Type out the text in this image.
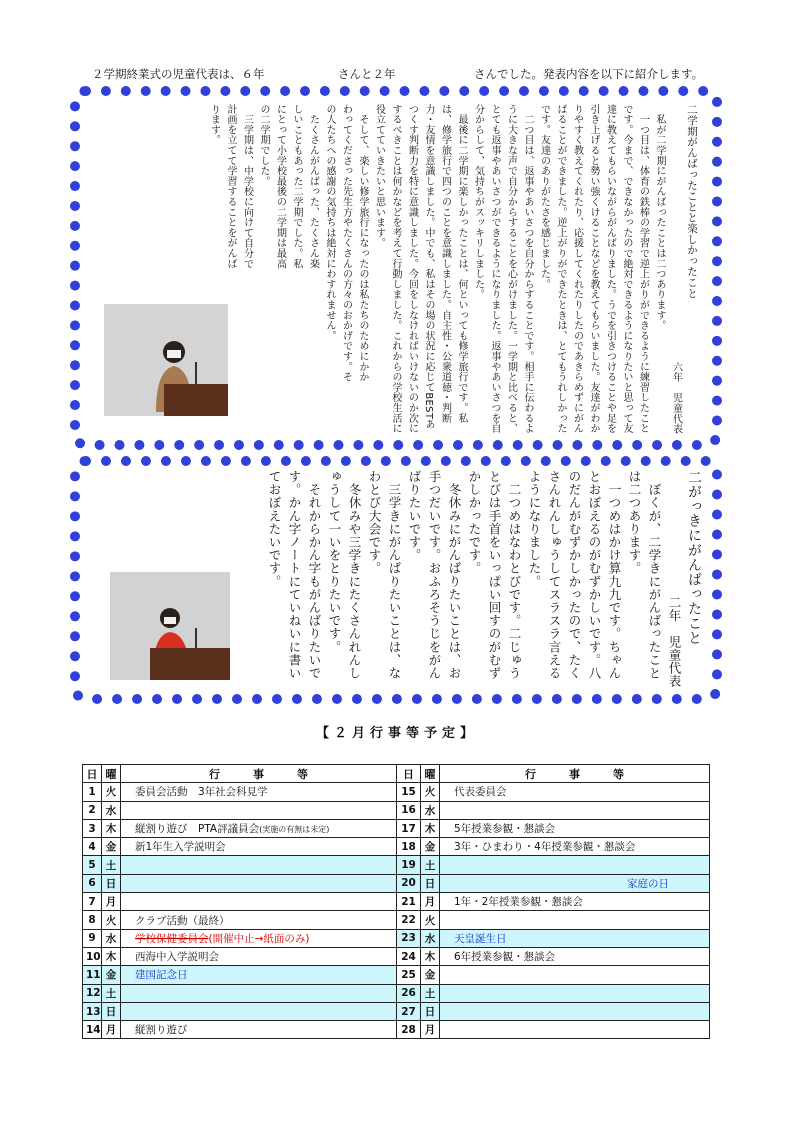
２学期終業式の児童代表は、６年	さんと２年	さんでした。発表内容を以下に紹介します。

二学期がんばったことと楽しかったこと

六年　児童代表

　私が二学期にがんばったことは二つあります。

　一つ目は、体育の鉄棒の学習で逆上がりができるように練習したことです。今まで、できなかったので絶対できるようになりたいと思って友達に教えてもらいながらがんばりました。うでを引きつけることや足を引き上げると勢い強くけることなどを教えてもらいました。友達がわかりやすく教えてくれたり、応援してくれたりしたのであきらめずにがんばることができました。逆上がりができたときは、とてもうれしかったです。友達のありがたさを感じました。

　二つ目は、返事やあいさつを自分からすることです。相手に伝わるように大きな声で自分からすることを心がけました。一学期と比べると、とても返事やあいさつができるようになりました。返事やあいさつを自分からして、気持ちがスッキリしました。

　最後に二学期に楽しかったことは、何といっても修学旅行です。私は、修学旅行で四つのことを意識しました。自主性・公衆道徳・判断力・友情を意識しました。中でも、私はその場の状況に応じてBESTあつくす判断力を特に意識しました。今回をしなければいけないのか次にするべきことは何かなどを考えて行動しました。これからの学校生活に役立てていきたいと思います。

　そして、楽しい修学旅行になったのは私たちのためにかかわってくださった先生方やたくさんの方々のおかげです。その人たちへの感謝の気持ちは絶対にわすれません。

　たくさんがんばった、たくさん楽しいこともあった二学期でした。私にとって小学校最後の二学期は最高の二学期でした。

　三学期は、中学校に向けて自分で計画を立てて学習することをがんばります。

二がっきにがんばったこと

二年　児童代表

　ぼくが、二学きにがんばったことは二つあります。

　一つめはかけ算九九です。ちゃんとおぼえるのがむずかしいです。八のだんがむずかしかったので、たくさんれんしゅうしてスラスラ言えるようになりました。

　二つめはなわとびです。二じゅうとびは手首をいっぱい回すのがむずかしかったです。

　冬休みにがんばりたいことは、お手つだいです。おふろそうじをがんばりたいです。

　三学きにがんばりたいことは、なわとび大会です。

　冬休みや三学きにたくさんれんしゅうして一いをとりたいです。

　それからかん字もがんばりたいです。かん字ノートにていねいに書いておぼえたいです。

【２月行事等予定】
日	曜	行　　　事　　　等	日	曜	行　　　事　　　等
1	火	委員会活動　3年社会科見学	15	火	代表委員会
2	水		16	水	
3	木	縦割り遊び　PTA評議員会(実施の有無は未定)	17	木	5年授業参観・懇談会
4	金	新1年生入学説明会	18	金	3年・ひまわり・4年授業参観・懇談会
5	土		19	土	
6	日		20	日	家庭の日
7	月		21	月	1年・2年授業参観・懇談会
8	火	クラブ活動（最終）	22	火	
9	水	学校保健委員会(開催中止→紙面のみ)	23	水	天皇誕生日
10	木	西海中入学説明会	24	木	6年授業参観・懇談会
11	金	建国記念日	25	金	
12	土		26	土	
13	日		27	日	
14	月	縦割り遊び	28	月	
